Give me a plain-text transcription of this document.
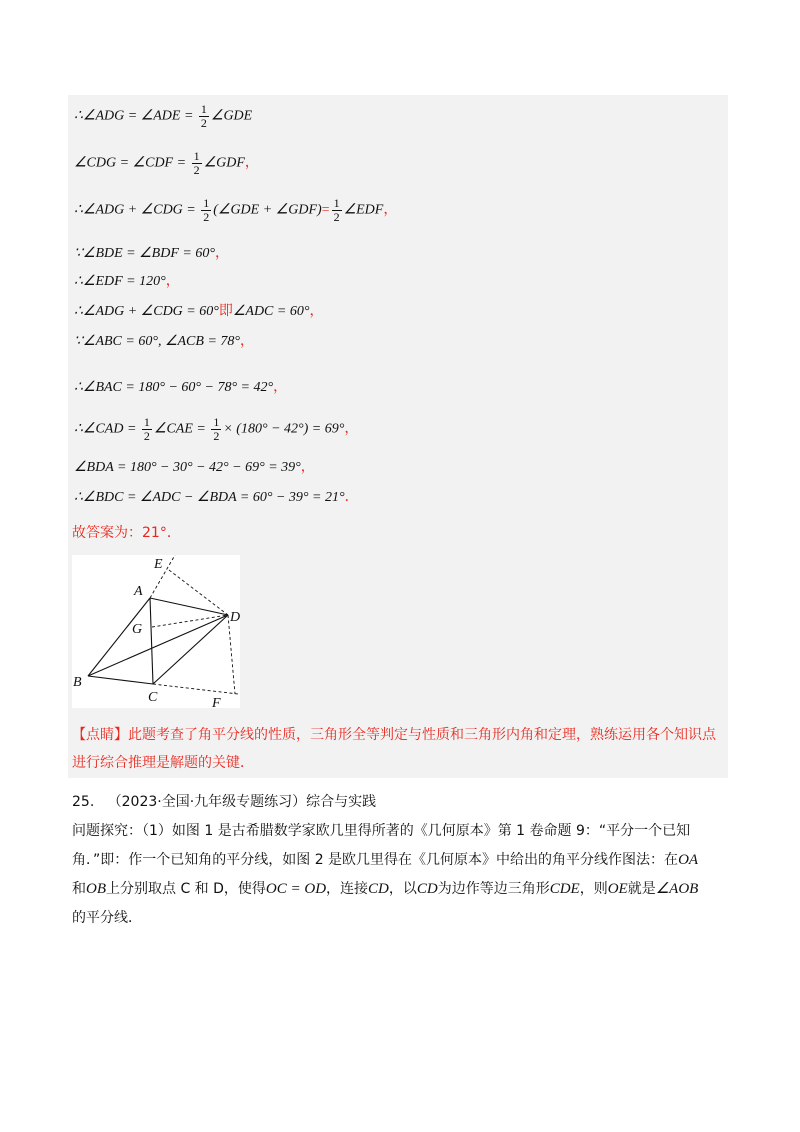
∴∠ADG = ∠ADE = $\frac{1}{2}$ ∠GDE
∠CDG = ∠CDF = $\frac{1}{2}$ ∠GDF，
∴∠ADG + ∠CDG = $\frac{1}{2}$ (∠GDE + ∠GDF)= $\frac{1}{2}$ ∠EDF，
∵∠BDE = ∠BDF = 60°，
∴∠EDF = 120°，
∴∠ADG + ∠CDG = 60°即∠ADC = 60°，
∵∠ABC = 60°, ∠ACB = 78°，
∴∠BAC = 180° − 60° − 78° = 42°，
∴∠CAD = $\frac{1}{2}$ ∠CAE = $\frac{1}{2} \times (180^\circ - 42^\circ) = 69^\circ$，
∠BDA = 180° − 30° − 42° − 69° = 39°，
∴∠BDC = ∠ADC − ∠BDA = 60° − 39° = 21°．
故答案为：21°．
A
B
C
D
E
F
G
【点睛】此题考查了角平分线的性质，三角形全等判定与性质和三角形内角和定理，熟练运用各个知识点进行综合推理是解题的关键．

25. （2023·全国·九年级专题练习）综合与实践

问题探究：（1）如图 1 是古希腊数学家欧几里得所著的《几何原本》第 1 卷命题 9：“平分一个已知角．”即：作一个已知角的平分线，如图 2 是欧几里得在《几何原本》中给出的角平分线作图法：在OA
和OB上分别取点 C 和 D，使得OC = OD，连接CD，以CD为边作等边三角形CDE，则OE就是∠AOB
的平分线．
